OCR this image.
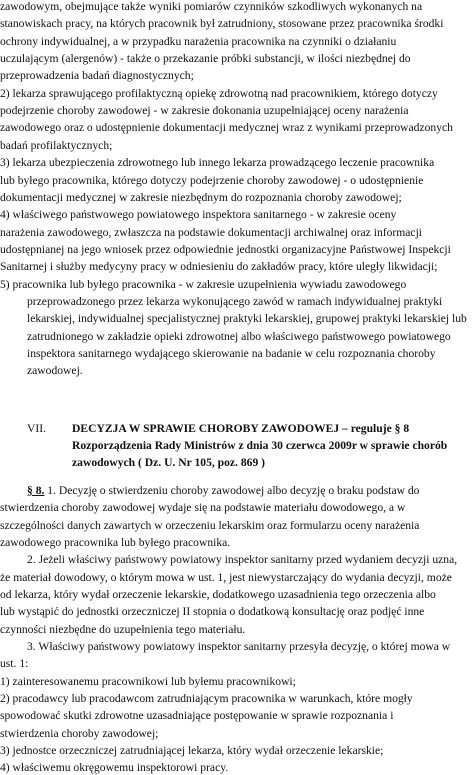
zawodowym, obejmujące także wyniki pomiarów czynników szkodliwych wykonanych na
stanowiskach pracy, na których pracownik był zatrudniony, stosowane przez pracownika środki
ochrony indywidualnej, a w przypadku narażenia pracownika na czynniki o działaniu
uczulającym (alergenów) - także o przekazanie próbki substancji, w ilości niezbędnej do
przeprowadzenia badań diagnostycznych;
2) lekarza sprawującego profilaktyczną opiekę zdrowotną nad pracownikiem, którego dotyczy
podejrzenie choroby zawodowej - w zakresie dokonania uzupełniającej oceny narażenia
zawodowego oraz o udostępnienie dokumentacji medycznej wraz z wynikami przeprowadzonych
badań profilaktycznych;
3) lekarza ubezpieczenia zdrowotnego lub innego lekarza prowadzącego leczenie pracownika
lub byłego pracownika, którego dotyczy podejrzenie choroby zawodowej - o udostępnienie
dokumentacji medycznej w zakresie niezbędnym do rozpoznania choroby zawodowej;
4) właściwego państwowego powiatowego inspektora sanitarnego - w zakresie oceny
narażenia zawodowego, zwłaszcza na podstawie dokumentacji archiwalnej oraz informacji
udostępnianej na jego wniosek przez odpowiednie jednostki organizacyjne Państwowej Inspekcji
Sanitarnej i służby medycyny pracy w odniesieniu do zakładów pracy, które uległy likwidacji;
5) pracownika lub byłego pracownika - w zakresie uzupełnienia wywiadu zawodowego
przeprowadzonego przez lekarza wykonującego zawód w ramach indywidualnej praktyki
lekarskiej, indywidualnej specjalistycznej praktyki lekarskiej, grupowej praktyki lekarskiej lub
zatrudnionego w zakładzie opieki zdrowotnej albo właściwego państwowego powiatowego
inspektora sanitarnego wydającego skierowanie na badanie w celu rozpoznania choroby
zawodowej.
VII.	DECYZJA W SPRAWIE CHOROBY ZAWODOWEJ – reguluje § 8
Rozporządzenia Rady Ministrów z dnia 30 czerwca 2009r w sprawie chorób
zawodowych ( Dz. U. Nr 105, poz. 869 )
§ 8. 1. Decyzję o stwierdzeniu choroby zawodowej albo decyzję o braku podstaw do
stwierdzenia choroby zawodowej wydaje się na podstawie materiału dowodowego, a w
szczególności danych zawartych w orzeczeniu lekarskim oraz formularzu oceny narażenia
zawodowego pracownika lub byłego pracownika.
2. Jeżeli właściwy państwowy powiatowy inspektor sanitarny przed wydaniem decyzji uzna,
że materiał dowodowy, o którym mowa w ust. 1, jest niewystarczający do wydania decyzji, może
od lekarza, który wydał orzeczenie lekarskie, dodatkowego uzasadnienia tego orzeczenia albo
lub wystąpić do jednostki orzeczniczej II stopnia o dodatkową konsultację oraz podjęć inne
czynności niezbędne do uzupełnienia tego materiału.
3. Właściwy państwowy powiatowy inspektor sanitarny przesyła decyzję, o której mowa w
ust. 1:
1) zainteresowanemu pracownikowi lub byłemu pracownikowi;
2) pracodawcy lub pracodawcom zatrudniającym pracownika w warunkach, które mogły
spowodować skutki zdrowotne uzasadniające postępowanie w sprawie rozpoznania i
stwierdzenia choroby zawodowej;
3) jednostce orzeczniczej zatrudniającej lekarza, który wydał orzeczenie lekarskie;
4) właściwemu okręgowemu inspektorowi pracy.
